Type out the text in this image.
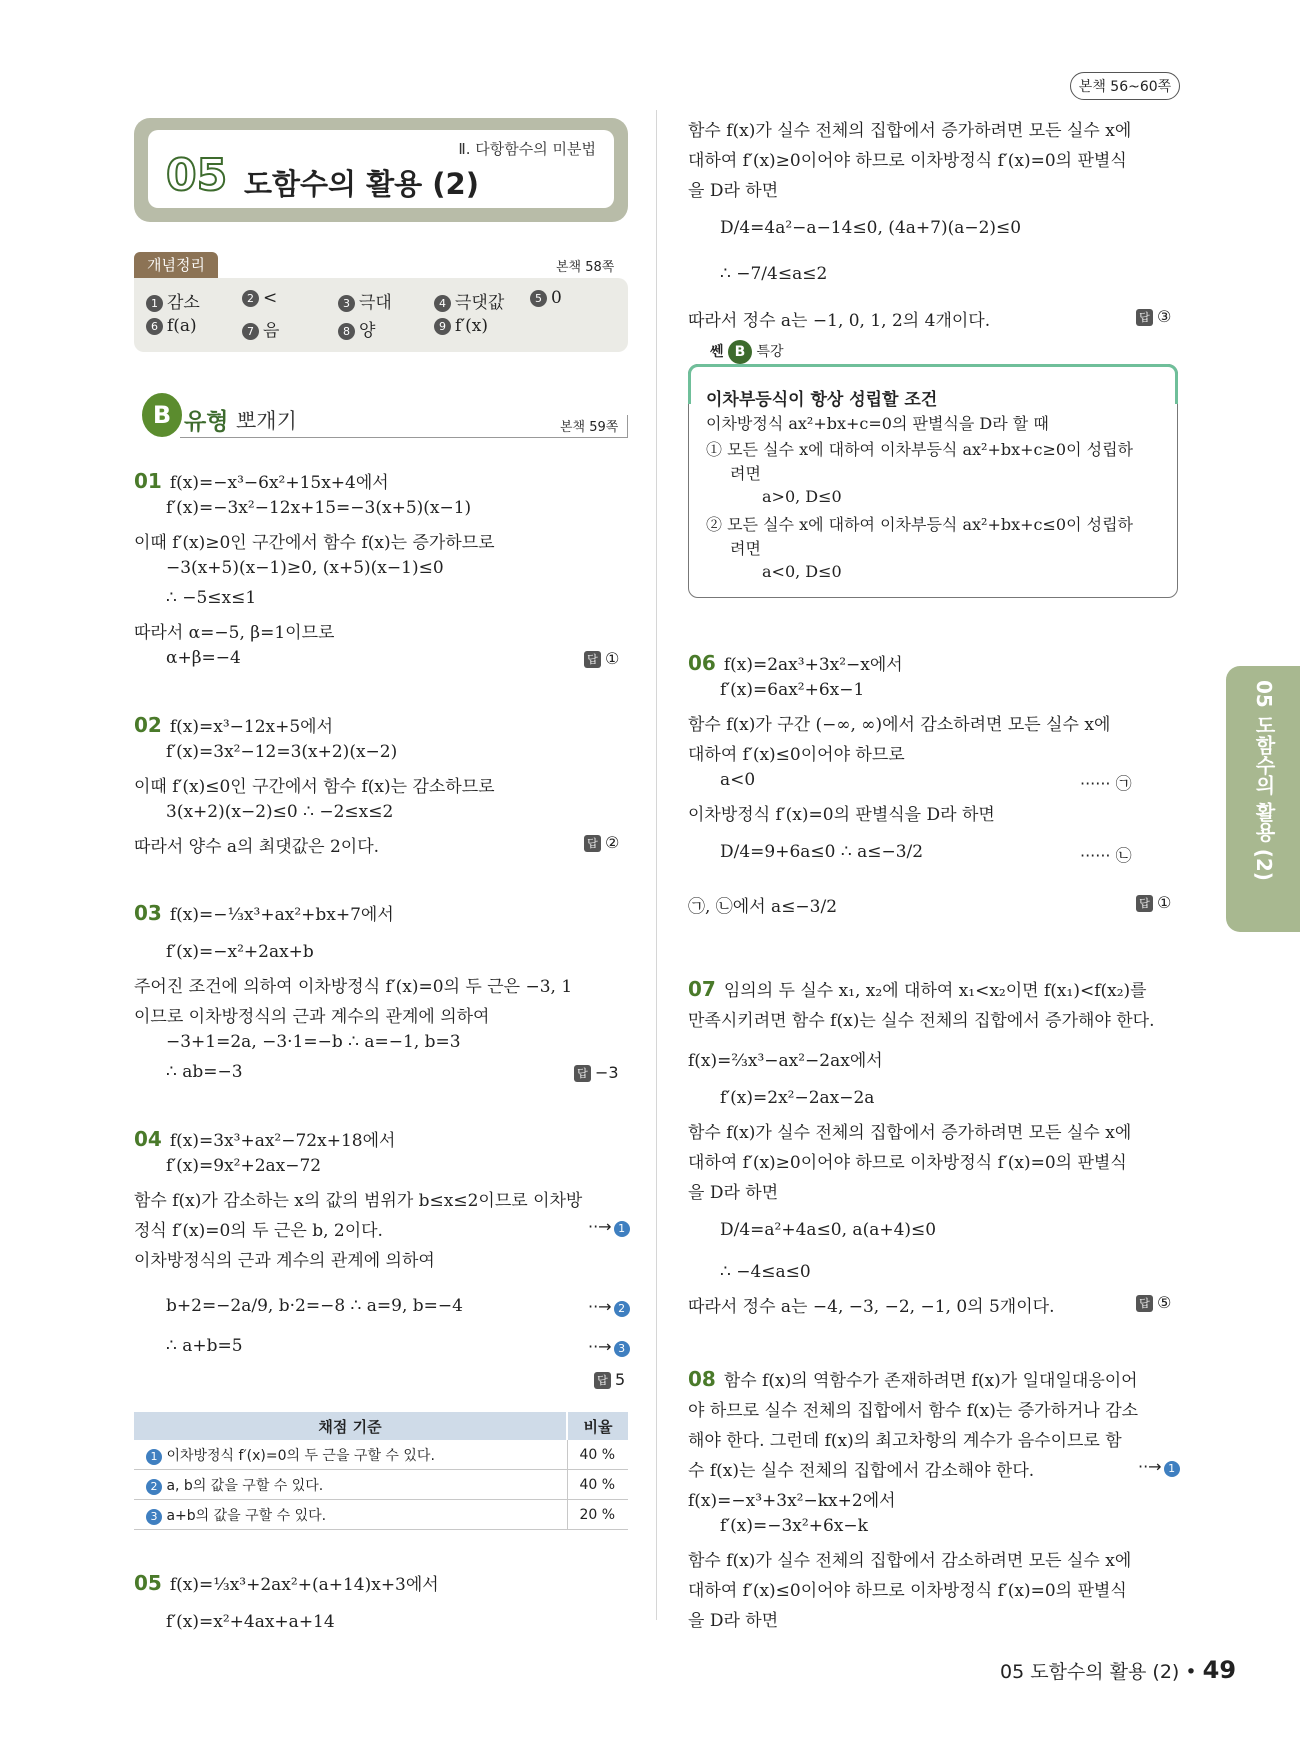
본책 56~60쪽
05 도함수의 활용 (2)
Ⅱ. 다항함수의 미분법
개념정리	본책 58쪽
1 감소	2 <	3 극대	4 극댓값	5 0
6 f(a)	7 음	8 양	9 f′(x)
B 유형 뽀개기	본책 59쪽
01 f(x)=−x³−6x²+15x+4에서
f′(x)=−3x²−12x+15=−3(x+5)(x−1)
이때 f′(x)≥0인 구간에서 함수 f(x)는 증가하므로
−3(x+5)(x−1)≥0, (x+5)(x−1)≤0
∴ −5≤x≤1
따라서 α=−5, β=1이므로
α+β=−4	답 ①
02 f(x)=x³−12x+5에서
f′(x)=3x²−12=3(x+2)(x−2)
이때 f′(x)≤0인 구간에서 함수 f(x)는 감소하므로
3(x+2)(x−2)≤0 ∴ −2≤x≤2
따라서 양수 a의 최댓값은 2이다.	답 ②
03 f(x)=−⅓x³+ax²+bx+7에서
f′(x)=−x²+2ax+b
주어진 조건에 의하여 이차방정식 f′(x)=0의 두 근은 −3, 1
이므로 이차방정식의 근과 계수의 관계에 의하여
−3+1=2a, −3·1=−b ∴ a=−1, b=3
∴ ab=−3	답 −3
04 f(x)=3x³+ax²−72x+18에서
f′(x)=9x²+2ax−72
함수 f(x)가 감소하는 x의 값의 범위가 b≤x≤2이므로 이차방
정식 f′(x)=0의 두 근은 b, 2이다.	··→ 1
이차방정식의 근과 계수의 관계에 의하여
b+2=−2a/9, b·2=−8 ∴ a=9, b=−4	··→ 2
∴ a+b=5	··→ 3
답 5
채점 기준	비율
1 이차방정식 f′(x)=0의 두 근을 구할 수 있다.	40 %
2 a, b의 값을 구할 수 있다.	40 %
3 a+b의 값을 구할 수 있다.	20 %
05 f(x)=⅓x³+2ax²+(a+14)x+3에서
f′(x)=x²+4ax+a+14
함수 f(x)가 실수 전체의 집합에서 증가하려면 모든 실수 x에
대하여 f′(x)≥0이어야 하므로 이차방정식 f′(x)=0의 판별식
을 D라 하면
D/4=4a²−a−14≤0, (4a+7)(a−2)≤0
∴ −7/4≤a≤2
따라서 정수 a는 −1, 0, 1, 2의 4개이다.	답 ③
쎈 B 특강
이차부등식이 항상 성립할 조건
이차방정식 ax²+bx+c=0의 판별식을 D라 할 때
① 모든 실수 x에 대하여 이차부등식 ax²+bx+c≥0이 성립하
려면
a>0, D≤0
② 모든 실수 x에 대하여 이차부등식 ax²+bx+c≤0이 성립하
려면
a<0, D≤0
06 f(x)=2ax³+3x²−x에서
f′(x)=6ax²+6x−1
함수 f(x)가 구간 (−∞, ∞)에서 감소하려면 모든 실수 x에
대하여 f′(x)≤0이어야 하므로
a<0	······ ㉠
이차방정식 f′(x)=0의 판별식을 D라 하면
D/4=9+6a≤0 ∴ a≤−3/2	······ ㉡
㉠, ㉡에서 a≤−3/2	답 ①
07 임의의 두 실수 x₁, x₂에 대하여 x₁<x₂이면 f(x₁)<f(x₂)를
만족시키려면 함수 f(x)는 실수 전체의 집합에서 증가해야 한다.
f(x)=⅔x³−ax²−2ax에서
f′(x)=2x²−2ax−2a
함수 f(x)가 실수 전체의 집합에서 증가하려면 모든 실수 x에
대하여 f′(x)≥0이어야 하므로 이차방정식 f′(x)=0의 판별식
을 D라 하면
D/4=a²+4a≤0, a(a+4)≤0
∴ −4≤a≤0
따라서 정수 a는 −4, −3, −2, −1, 0의 5개이다.	답 ⑤
08 함수 f(x)의 역함수가 존재하려면 f(x)가 일대일대응이어
야 하므로 실수 전체의 집합에서 함수 f(x)는 증가하거나 감소
해야 한다. 그런데 f(x)의 최고차항의 계수가 음수이므로 함
수 f(x)는 실수 전체의 집합에서 감소해야 한다.	··→ 1
f(x)=−x³+3x²−kx+2에서
f′(x)=−3x²+6x−k
함수 f(x)가 실수 전체의 집합에서 감소하려면 모든 실수 x에
대하여 f′(x)≤0이어야 하므로 이차방정식 f′(x)=0의 판별식
을 D라 하면
05 도함수의 활용 (2)
05 도함수의 활용 (2) • 49
